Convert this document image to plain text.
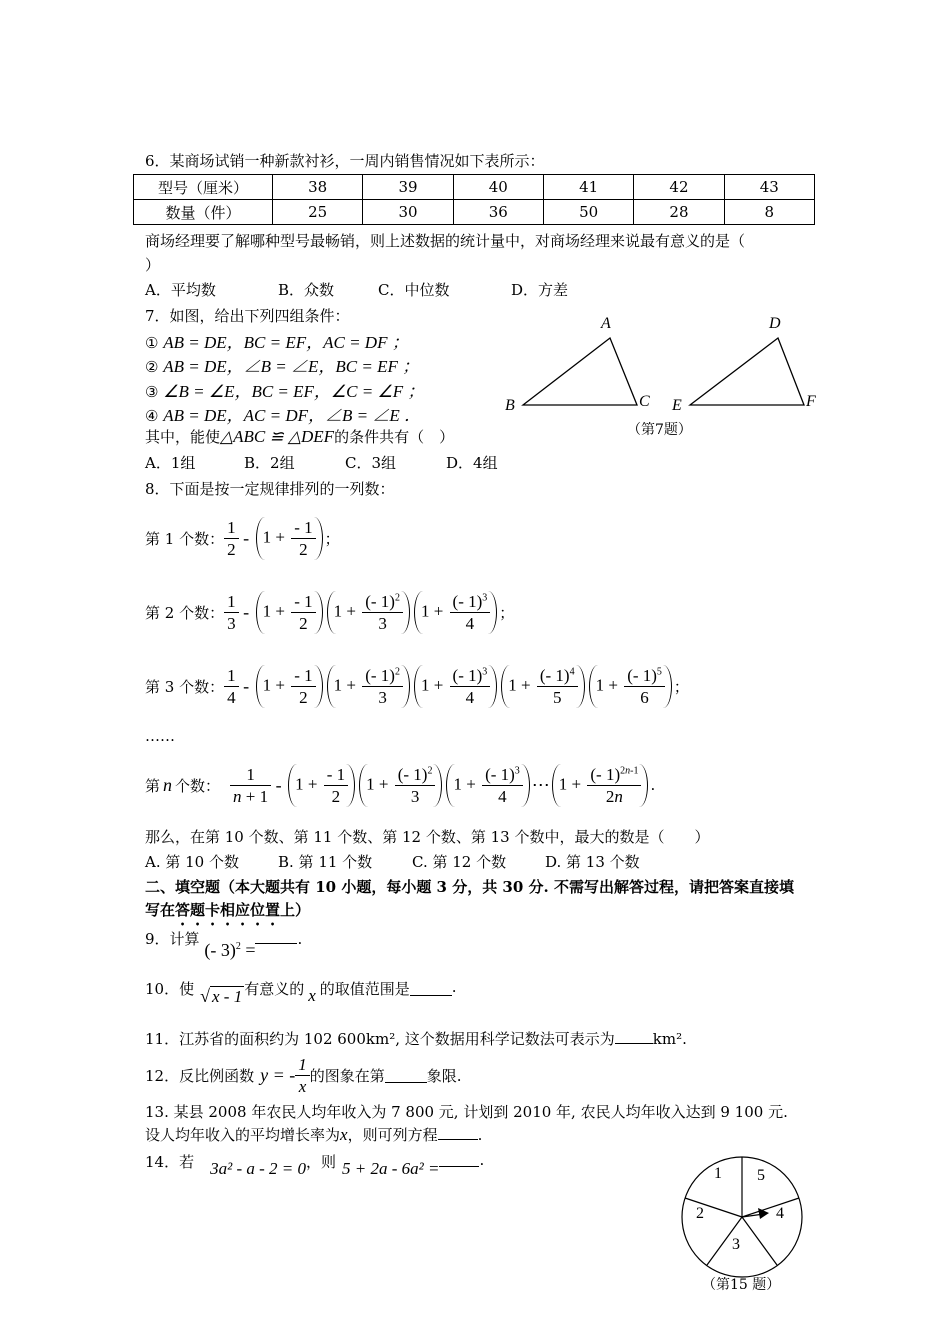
6．某商场试销一种新款衬衫，一周内销售情况如下表所示：
型号（厘米）	38	39	40	41	42	43
数量（件）	25	30	36	50	28	8
商场经理要了解哪种型号最畅销，则上述数据的统计量中，对商场经理来说最有意义的是（
）
A．平均数	B．众数	C．中位数	D．方差
7．如图，给出下列四组条件：
① AB = DE，BC = EF，AC = DF ；
② AB = DE，∠B = ∠E，BC = EF ；
③ ∠B = ∠E，BC = EF，∠C = ∠F ；
④ AB = DE，AC = DF，∠B = ∠E ．
其中，能使△ABC ≌ △DEF的条件共有（　）
A．1组	B．2组	C．3组	D．4组
A
B	C
D
E	F
（第7题）
8．下面是按一定规律排列的一列数：
第 1 个数： $\frac{1}{2} - 1 + \frac{- 1}{2}$ ；
第 2 个数： $\frac{1}{3} - 1 + \frac{- 1}{2}$	$1 + \frac{(- 1)^2}{3}$	$1 + \frac{(- 1)^3}{4}$ ；
第 3 个数： $\frac{1}{4} - 1 + \frac{- 1}{2}$	$1 + \frac{(- 1)^2}{3}$	$1 + \frac{(- 1)^3}{4}$	$1 + \frac{(- 1)^4}{5}$	$1 + \frac{(- 1)^5}{6}$ ；
……
第 n 个数： $\frac{1}{n + 1} - 1 + \frac{- 1}{2}$	$1 + \frac{(- 1)^2}{3}$	$1 + \frac{(- 1)^3}{4}$ ⋯ $1 + \frac{(- 1)^{2n-1}}{2n}$ .
那么，在第 10 个数、第 11 个数、第 12 个数、第 13 个数中，最大的数是（　　）
A. 第 10 个数	B. 第 11 个数	C. 第 12 个数	D. 第 13 个数
二、填空题（本大题共有 10 小题，每小题 3 分，共 30 分. 不需写出解答过程，请把答案直接填
写在答题卡相应位置上）
9．计算 (- 3)$^2$ =.
10．使 √ x - 1 有意义的 x 的取值范围是	.
11．江苏省的面积约为 102 600km², 这个数据用科学记数法可表示为	km².
12．反比例函数 y = - $\frac{1}{x}$ 的图象在第	象限.
13. 某县 2008 年农民人均年收入为 7 800 元, 计划到 2010 年, 农民人均年收入达到 9 100 元.
设人均年收入的平均增长率为x，则可列方程	.
14．若 3a² - a - 2 = 0 ，则 5 + 2a - 6a² =	.
1 5
4
3
2
（第15 题）
